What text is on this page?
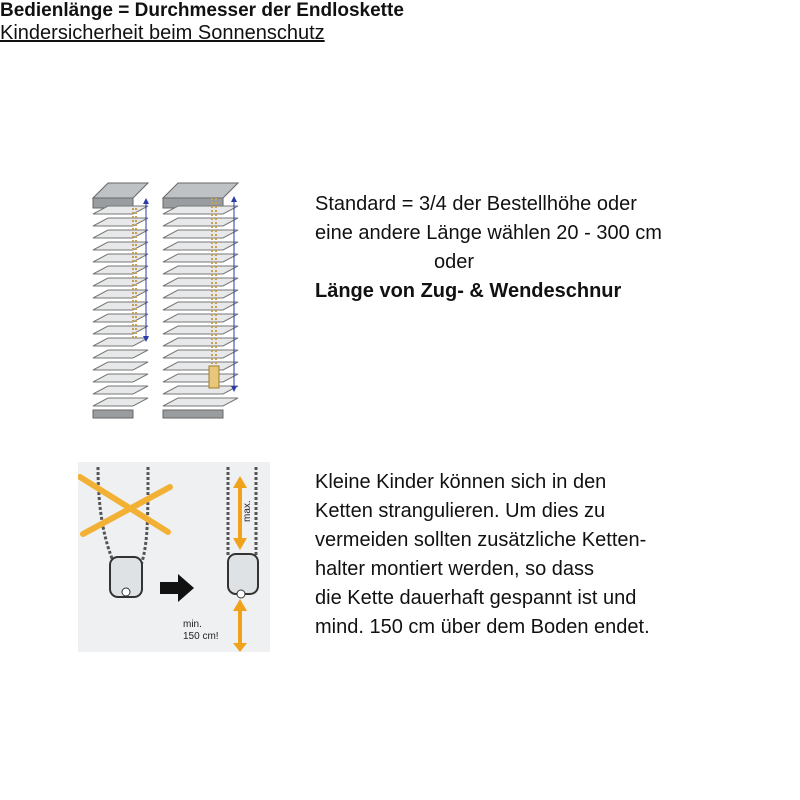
Bedienlänge = Durchmesser der Endloskette
Standard = 3/4 der Bestellhöhe oder
eine andere Länge wählen 20 - 300 cm
oder
Länge von Zug- & Wendeschnur
Kindersicherheit beim Sonnenschutz
max.
min.
150 cm!
Kleine Kinder können sich in den
Ketten strangulieren. Um dies zu
vermeiden sollten zusätzliche Ketten-
halter montiert werden, so dass
die Kette dauerhaft gespannt ist und
mind. 150 cm über dem Boden endet.
